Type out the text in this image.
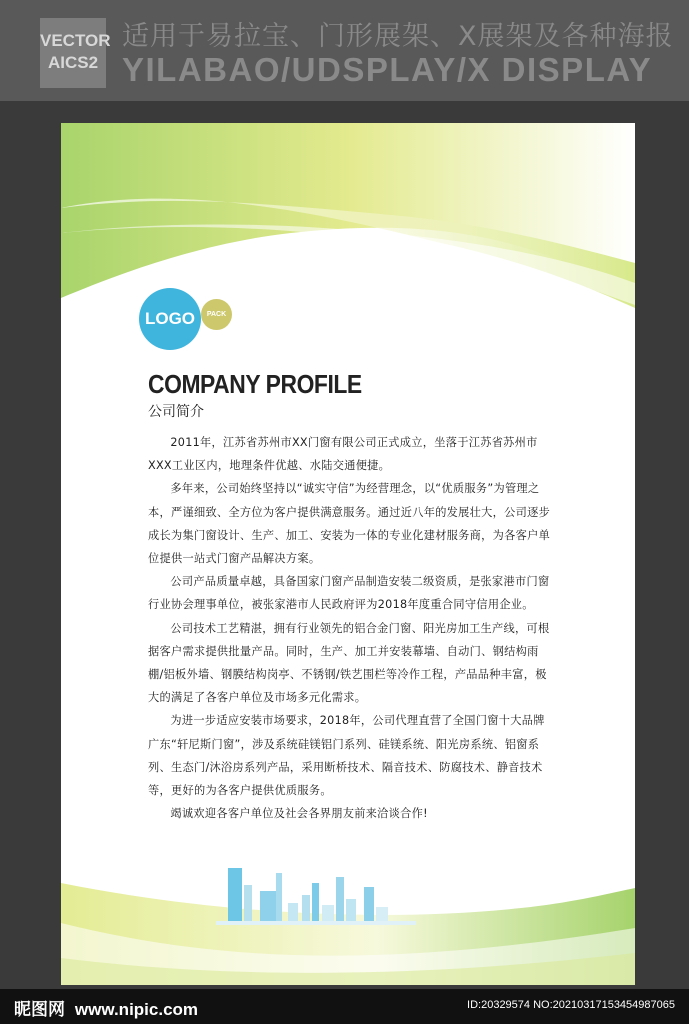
VECTOR
AICS2
适用于易拉宝、门形展架、X展架及各种海报
YILABAO/UDSPLAY/X DISPLAY
LOGO	PACK
COMPANY PROFILE
公司简介

2011年，江苏省苏州市XX门窗有限公司正式成立，坐落于江苏省苏州市XXX工业区内，地理条件优越、水陆交通便捷。

多年来，公司始终坚持以“诚实守信”为经营理念，以“优质服务”为管理之本，严谨细致、全方位为客户提供满意服务。通过近八年的发展壮大，公司逐步成长为集门窗设计、生产、加工、安装为一体的专业化建材服务商，为各客户单位提供一站式门窗产品解决方案。

公司产品质量卓越，具备国家门窗产品制造安装二级资质，是张家港市门窗行业协会理事单位，被张家港市人民政府评为2018年度重合同守信用企业。

公司技术工艺精湛，拥有行业领先的铝合金门窗、阳光房加工生产线，可根据客户需求提供批量产品。同时，生产、加工并安装幕墙、自动门、钢结构雨棚/铝板外墙、钢膜结构岗亭、不锈钢/铁艺围栏等冷作工程，产品品种丰富，极大的满足了各客户单位及市场多元化需求。

为进一步适应安装市场要求，2018年，公司代理直营了全国门窗十大品牌广东“轩尼斯门窗”，涉及系统硅镁铝门系列、硅镁系统、阳光房系统、铝窗系列、生态门/沐浴房系列产品，采用断桥技术、隔音技术、防腐技术、静音技术等，更好的为各客户提供优质服务。

竭诚欢迎各客户单位及社会各界朋友前来洽谈合作!

昵图网 www.nipic.com	ID:20329574 NO:20210317153454987065
